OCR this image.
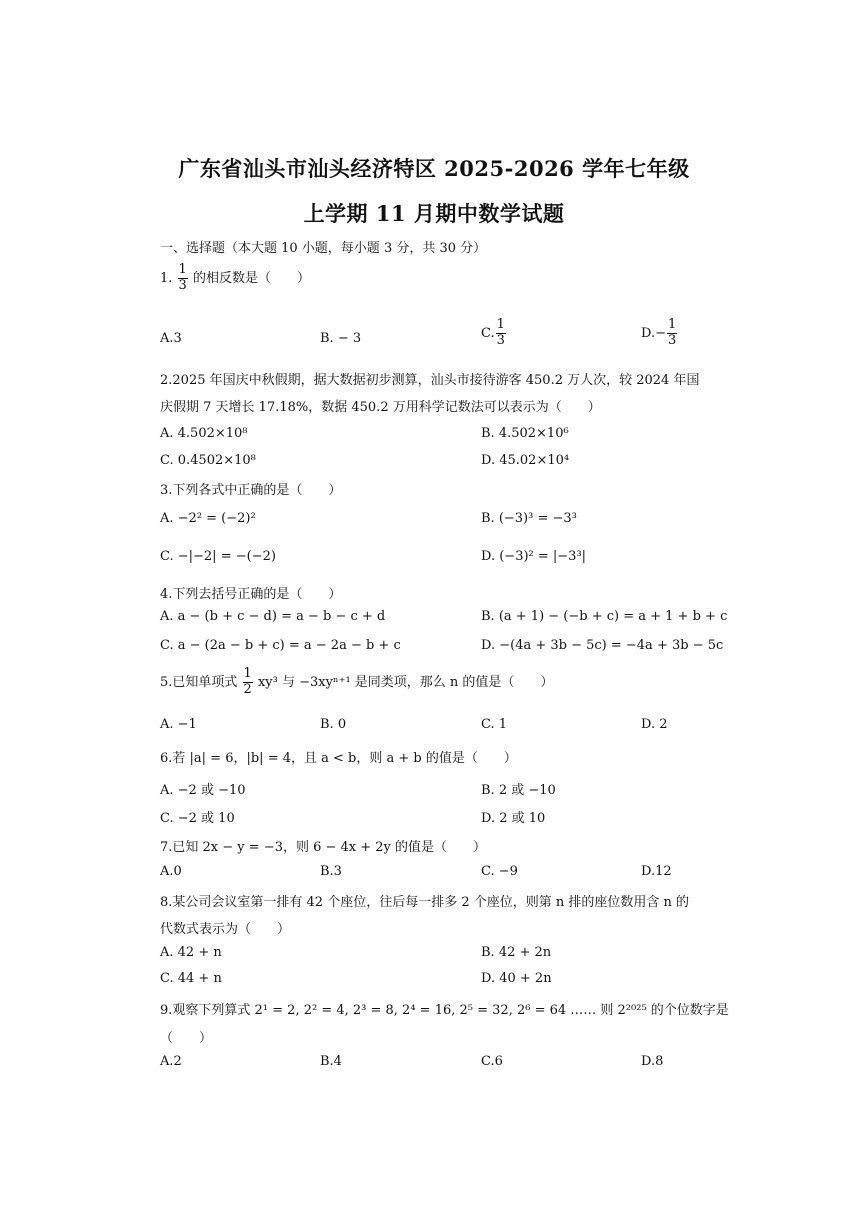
广东省汕头市汕头经济特区 2025-2026 学年七年级
上学期 11 月期中数学试题
一、选择题（本大题 10 小题，每小题 3 分，共 30 分）
1. $\frac{1}{3}$ 的相反数是（　　）
A.3	B. − 3	C. $\frac{1}{3}$	$D.- \frac{1}{3}$
2.2025 年国庆中秋假期，据大数据初步测算，汕头市接待游客 450.2 万人次，较 2024 年国
庆假期 7 天增长 17.18%，数据 450.2 万用科学记数法可以表示为（　　）
A. 4.502×10⁸	B. 4.502×10⁶
C. 0.4502×10⁸	D. 45.02×10⁴
3.下列各式中正确的是（　　）
A. −2² = (−2)²	B. (−3)³ = −3³
C. −|−2| = −(−2)	D. (−3)² = |−3³|
4.下列去括号正确的是（　　）
A. a − (b + c − d) = a − b − c + d	B. (a + 1) − (−b + c) = a + 1 + b + c
C. a − (2a − b + c) = a − 2a − b + c	D. −(4a + 3b − 5c) = −4a + 3b − 5c
5.已知单项式 $\frac{1}{2} xy^3$ 与 −3xyⁿ⁺¹ 是同类项，那么 n 的值是（　　）
A. −1	B. 0	C. 1	D. 2
6.若 |a| = 6，|b| = 4，且 a < b，则 a + b 的值是（　　）
A. −2 或 −10	B. 2 或 −10
C. −2 或 10	D. 2 或 10
7.已知 2x − y = −3，则 6 − 4x + 2y 的值是（　　）
A.0	B.3	C. −9	D.12
8.某公司会议室第一排有 42 个座位，往后每一排多 2 个座位，则第 n 排的座位数用含 n 的
代数式表示为（　　）
A. 42 + n	B. 42 + 2n
C. 44 + n	D. 40 + 2n
9.观察下列算式 2¹ = 2, 2² = 4, 2³ = 8, 2⁴ = 16, 2⁵ = 32, 2⁶ = 64 …… 则 2²⁰²⁵ 的个位数字是
（　　）
A.2	B.4	C.6	D.8
